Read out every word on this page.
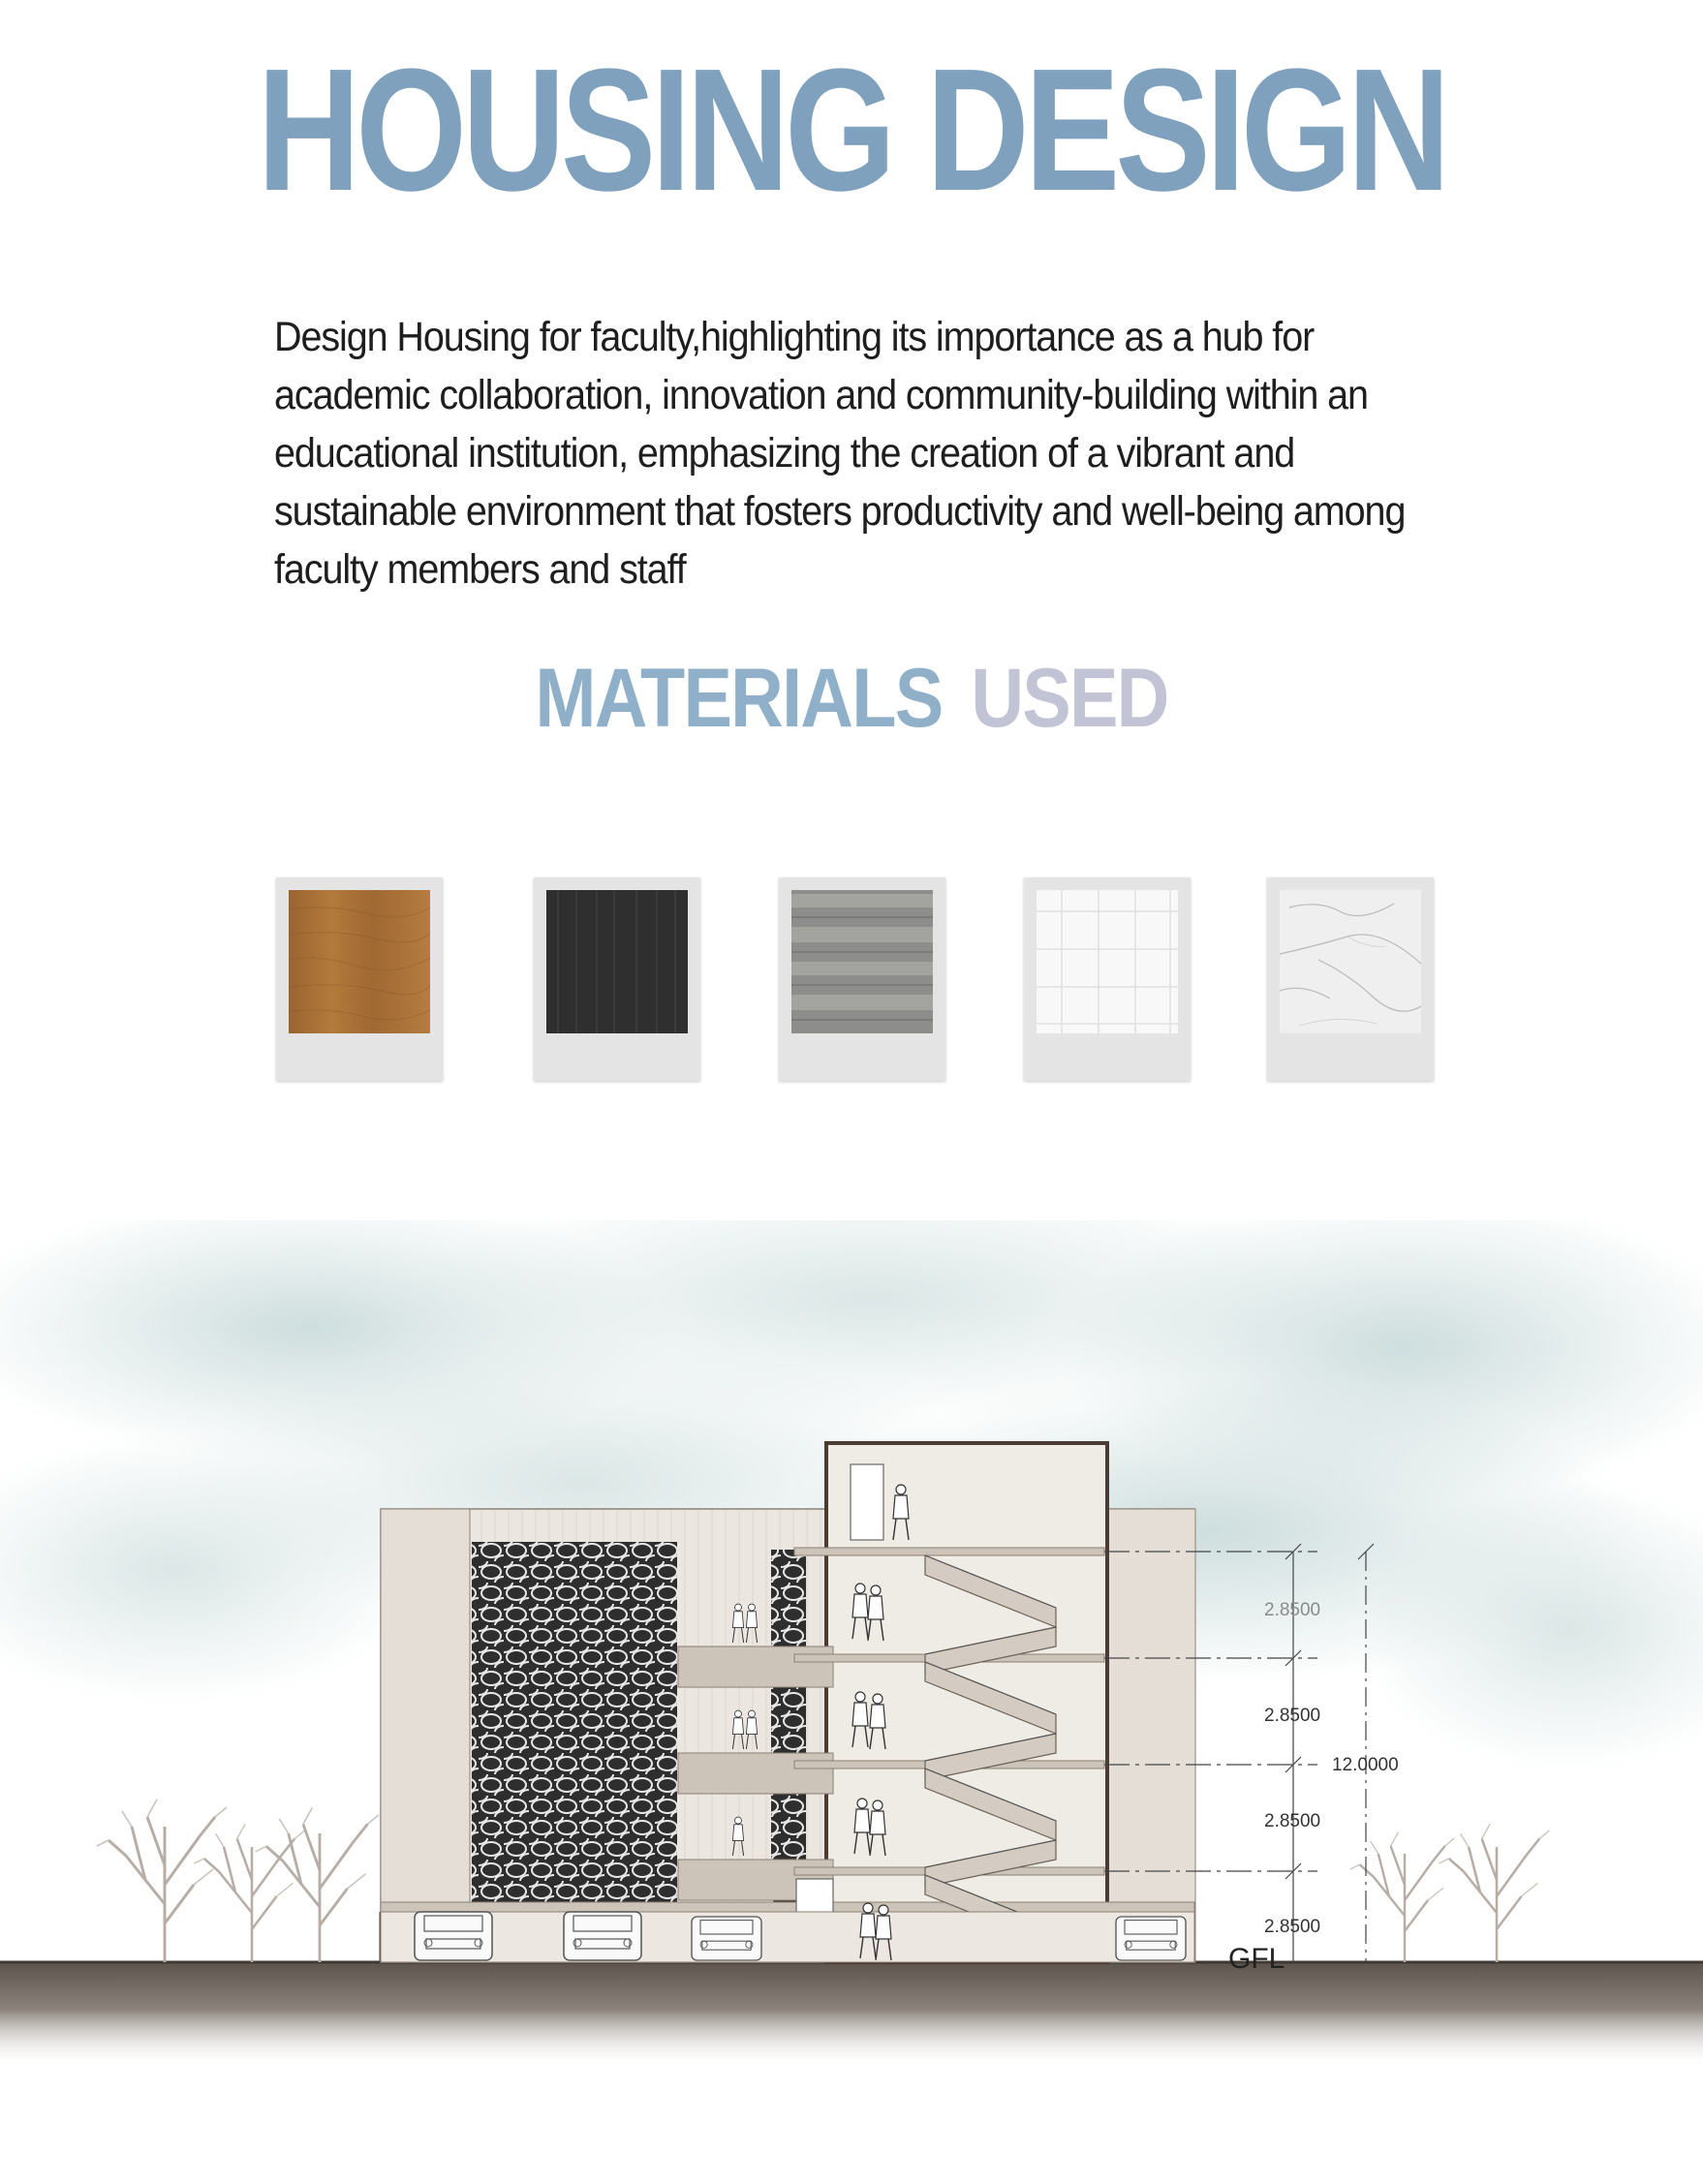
HOUSING DESIGN

Design Housing for faculty,highlighting its importance as a hub for academic collaboration, innovation and community-building within an educational institution, emphasizing the creation of a vibrant and sustainable environment that fosters productivity and well-being among faculty members and staff

MATERIALS USED
2.8500
2.8500
2.8500
2.8500
12.0000
GFL
